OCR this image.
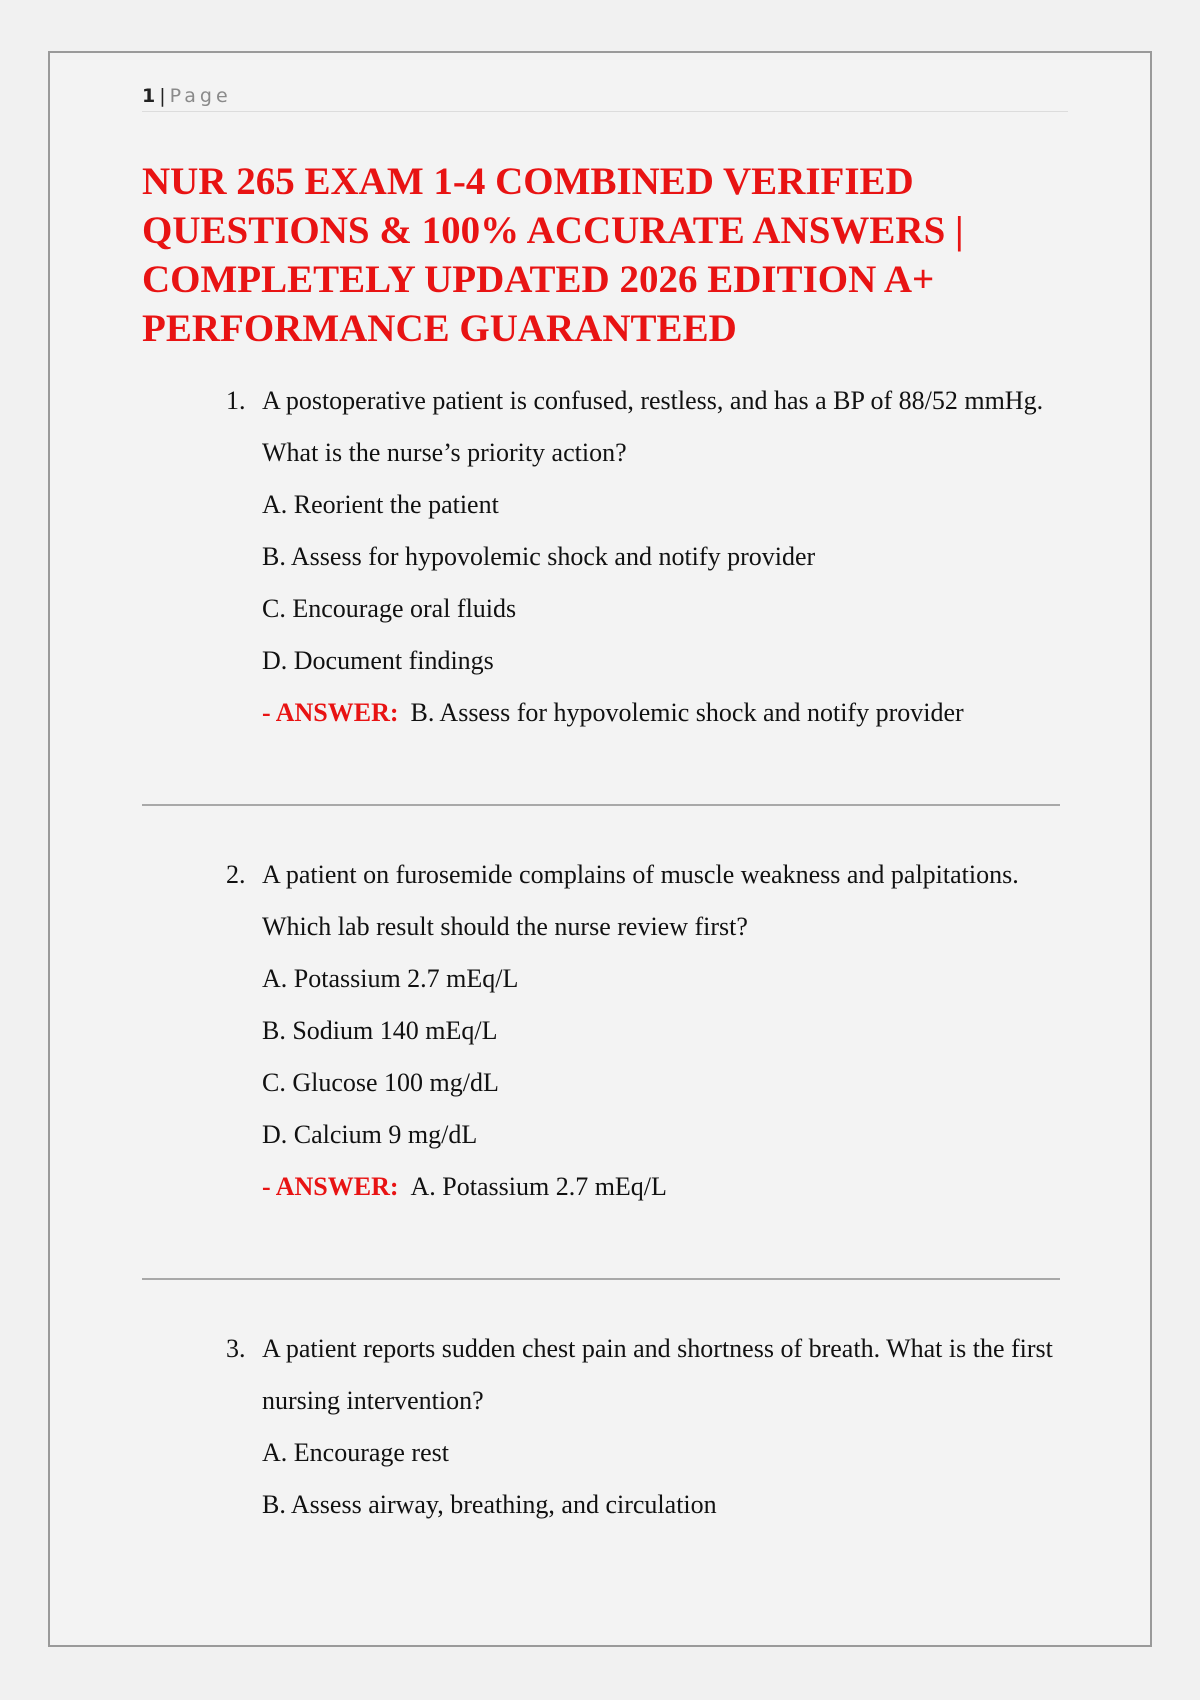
1 | Page
NUR 265 EXAM 1-4 COMBINED VERIFIED QUESTIONS & 100% ACCURATE ANSWERS | COMPLETELY UPDATED 2026 EDITION A+ PERFORMANCE GUARANTEED
1. A postoperative patient is confused, restless, and has a BP of 88/52 mmHg.
What is the nurse’s priority action?
A. Reorient the patient
B. Assess for hypovolemic shock and notify provider
C. Encourage oral fluids
D. Document findings
- ANSWER: B. Assess for hypovolemic shock and notify provider
2. A patient on furosemide complains of muscle weakness and palpitations.
Which lab result should the nurse review first?
A. Potassium 2.7 mEq/L
B. Sodium 140 mEq/L
C. Glucose 100 mg/dL
D. Calcium 9 mg/dL
- ANSWER: A. Potassium 2.7 mEq/L
3. A patient reports sudden chest pain and shortness of breath. What is the first
nursing intervention?
A. Encourage rest
B. Assess airway, breathing, and circulation
